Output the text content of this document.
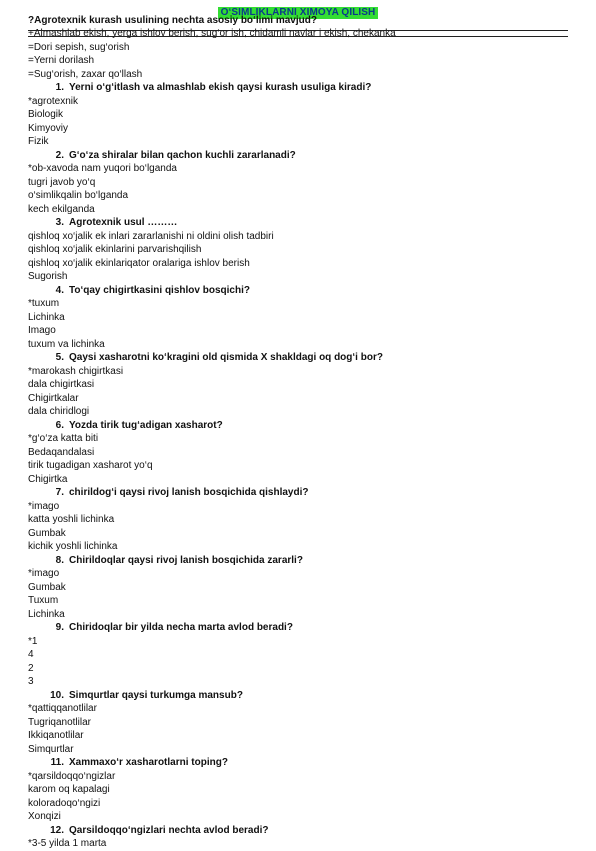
O‘SIMLIKLARNI XIMOYA QILISH
?Agrotexnik kurash usulining nechta asosiy bo‘limi mavjud?
+Almashlab ekish, yerga ishlov berish, sug‘or ish, chidamli navlar i ekish, chekanka
=Dori sepish, sug‘orish
=Yerni dorilash
=Sug‘orish, zaxar qo‘llash
1. Yerni o‘g‘itlash va almashlab ekish qaysi kurash usuliga kiradi?
*agrotexnik
Biologik
Kimyoviy
Fizik
2. G‘o‘za shiralar bilan qachon kuchli zararlanadi?
*ob-xavoda nam yuqori bo‘lganda
tugri javob yo‘q
o‘simlikqalin bo‘lganda
kech ekilganda
3. Agrotexnik usul ………
qishloq xo‘jalik ek inlari zararlanishi ni oldini olish tadbiri
qishloq xo‘jalik ekinlarini parvarishqilish
qishloq xo‘jalik ekinlariqator oralariga ishlov berish
Sugorish
4. To‘qay chigirtkasini qishlov bosqichi?
*tuxum
Lichinka
Imago
tuxum va lichinka
5. Qaysi xasharotni ko‘kragini old qismida X shakldagi oq dog‘i bor?
*marokash chigirtkasi
dala chigirtkasi
Chigirtkalar
dala chiridlogi
6. Yozda tirik tug‘adigan xasharot?
*g‘o‘za katta biti
Bedaqandalasi
tirik tugadigan xasharot yo‘q
Chigirtka
7. chirildog‘i qaysi rivoj lanish bosqichida qishlaydi?
*imago
katta yoshli lichinka
Gumbak
kichik yoshli lichinka
8. Chirildoqlar qaysi rivoj lanish bosqichida zararli?
*imago
Gumbak
Tuxum
Lichinka
9. Chiridoqlar bir yilda necha marta avlod beradi?
*1
4
2
3
10. Simqurtlar qaysi turkumga mansub?
*qattiqqanotlilar
Tugriqanotlilar
Ikkiqanotlilar
Simqurtlar
11. Xammaxo‘r xasharotlarni toping?
*qarsildoqqo‘ngizlar
karom oq kapalagi
koloradoqo‘ngizi
Xonqizi
12. Qarsildoqqo‘ngizlari nechta avlod beradi?
*3-5 yilda 1 marta
